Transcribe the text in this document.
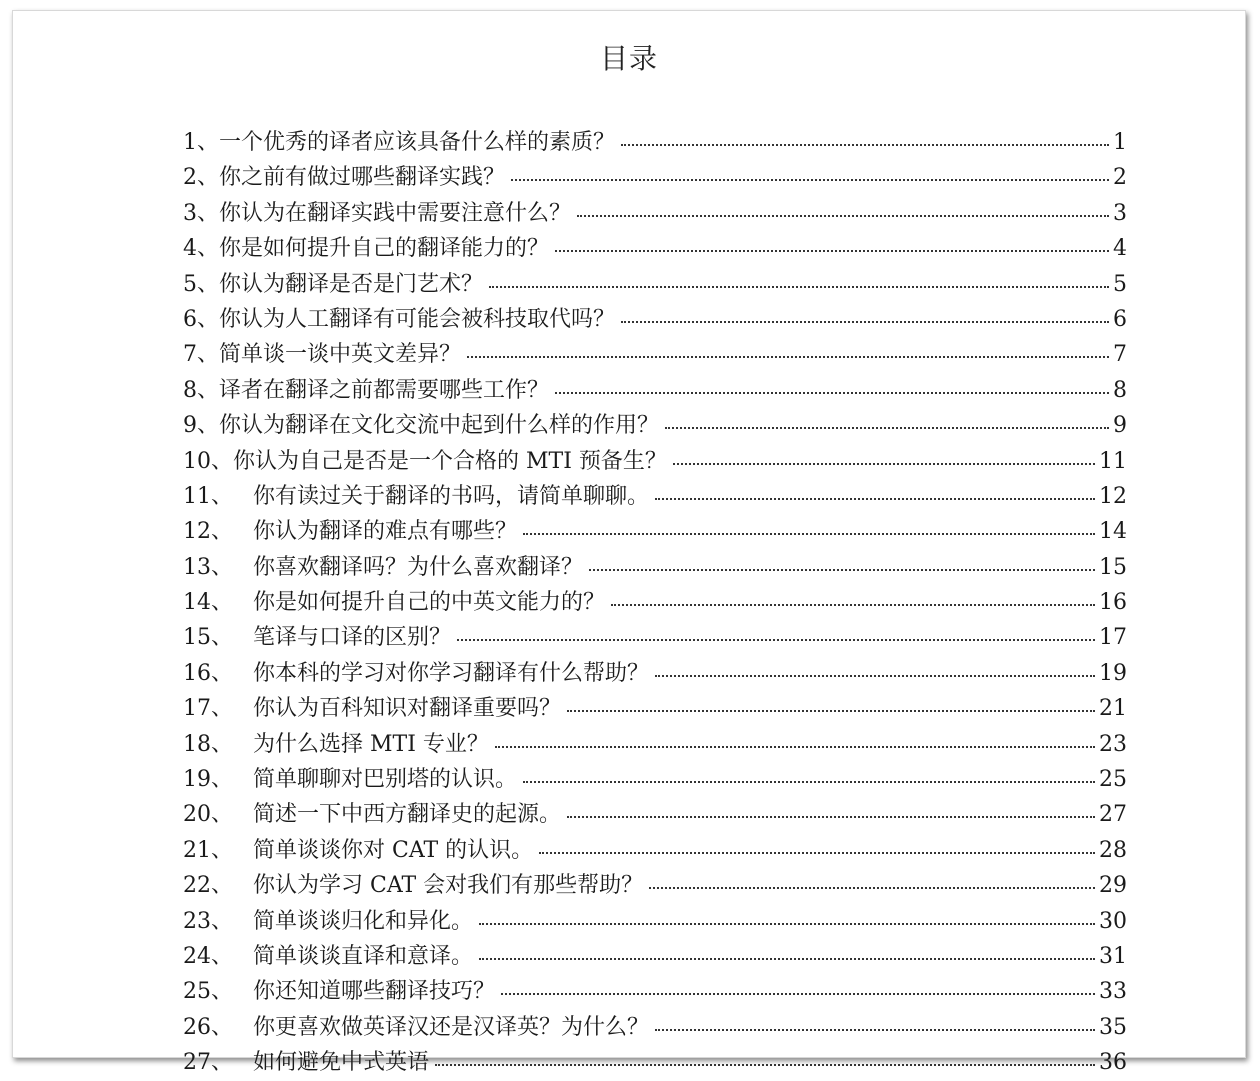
目录
1、 一个优秀的译者应该具备什么样的素质？	1
2、 你之前有做过哪些翻译实践？	2
3、 你认为在翻译实践中需要注意什么？	3
4、 你是如何提升自己的翻译能力的？	4
5、 你认为翻译是否是门艺术？	5
6、 你认为人工翻译有可能会被科技取代吗？	6
7、 简单谈一谈中英文差异？	7
8、 译者在翻译之前都需要哪些工作？	8
9、 你认为翻译在文化交流中起到什么样的作用？	9
10、 你认为自己是否是一个合格的 MTI 预备生？	11
11、 你有读过关于翻译的书吗，请简单聊聊。	12
12、 你认为翻译的难点有哪些？	14
13、 你喜欢翻译吗？为什么喜欢翻译？	15
14、 你是如何提升自己的中英文能力的？	16
15、 笔译与口译的区别？	17
16、 你本科的学习对你学习翻译有什么帮助？	19
17、 你认为百科知识对翻译重要吗？	21
18、 为什么选择 MTI 专业？	23
19、 简单聊聊对巴别塔的认识。	25
20、 简述一下中西方翻译史的起源。	27
21、 简单谈谈你对 CAT 的认识。	28
22、 你认为学习 CAT 会对我们有那些帮助？	29
23、 简单谈谈归化和异化。	30
24、 简单谈谈直译和意译。	31
25、 你还知道哪些翻译技巧？	33
26、 你更喜欢做英译汉还是汉译英？为什么？	35
27、 如何避免中式英语	36
